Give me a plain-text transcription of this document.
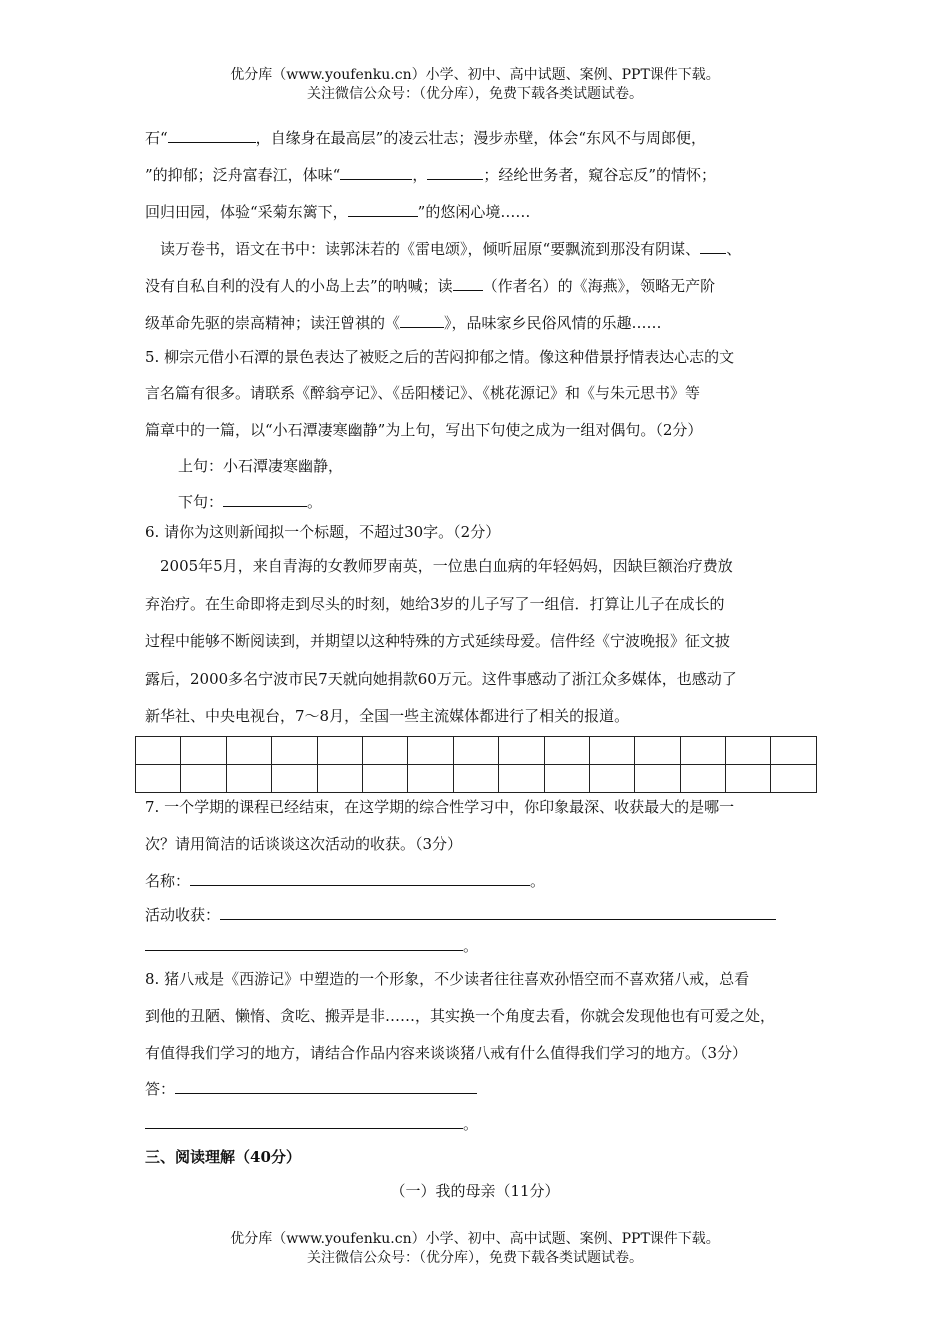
优分库（www.youfenku.cn）小学、初中、高中试题、案例、PPT课件下载。
关注微信公众号：（优分库），免费下载各类试题试卷。
石“	，自缘身在最高层”的凌云壮志；漫步赤壁，体会“东风不与周郎便，
”的抑郁；泛舟富春江，体味“	，	；经纶世务者，窥谷忘反”的情怀；
回归田园，体验“采菊东篱下，	”的悠闲心境……
读万卷书，语文在书中：读郭沫若的《雷电颂》，倾听屈原“要飘流到那没有阴谋、 、
没有自私自利的没有人的小岛上去”的呐喊；读 （作者名）的《海燕》，领略无产阶
级革命先驱的崇高精神；读汪曾祺的《	》，品味家乡民俗风情的乐趣……
5. 柳宗元借小石潭的景色表达了被贬之后的苦闷抑郁之情。像这种借景抒情表达心志的文
言名篇有很多。请联系《醉翁亭记》、《岳阳楼记》、《桃花源记》和《与朱元思书》等
篇章中的一篇，以“小石潭凄寒幽静”为上句，写出下句使之成为一组对偶句。（2分）
上句：小石潭凄寒幽静，
下句：	。
6. 请你为这则新闻拟一个标题，不超过30字。（2分）
2005年5月，来自青海的女教师罗南英，一位患白血病的年轻妈妈，因缺巨额治疗费放
弃治疗。在生命即将走到尽头的时刻，她给3岁的儿子写了一组信．打算让儿子在成长的
过程中能够不断阅读到，并期望以这种特殊的方式延续母爱。信件经《宁波晚报》征文披
露后，2000多名宁波市民7天就向她捐款60万元。这件事感动了浙江众多媒体，也感动了
新华社、中央电视台，7～8月，全国一些主流媒体都进行了相关的报道。

7. 一个学期的课程已经结束，在这学期的综合性学习中，你印象最深、收获最大的是哪一
次？请用简洁的话谈谈这次活动的收获。（3分）
名称：	。
活动收获：
。
8. 猪八戒是《西游记》中塑造的一个形象，不少读者往往喜欢孙悟空而不喜欢猪八戒，总看
到他的丑陋、懒惰、贪吃、搬弄是非……，其实换一个角度去看，你就会发现他也有可爱之处，
有值得我们学习的地方，请结合作品内容来谈谈猪八戒有什么值得我们学习的地方。（3分）
答：
。
三、阅读理解（40分）
（一）我的母亲（11分）
优分库（www.youfenku.cn）小学、初中、高中试题、案例、PPT课件下载。
关注微信公众号：（优分库），免费下载各类试题试卷。
